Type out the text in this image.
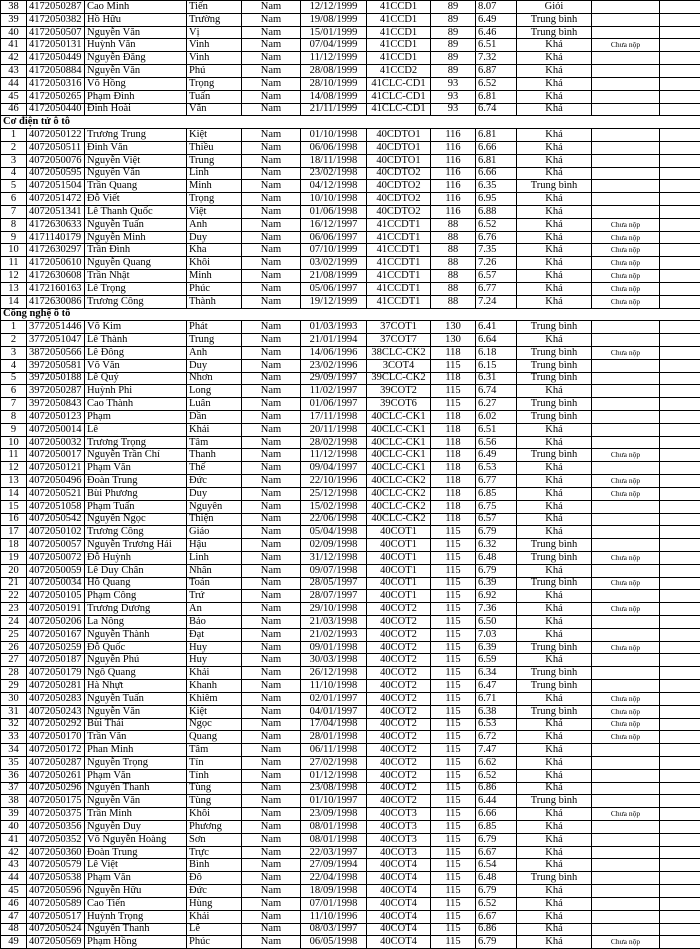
38	4172050287	Cao Minh	Tiến	Nam	12/12/1999	41CCD1	89	8.07	Giỏi		
39	4172050382	Hồ Hữu	Trường	Nam	19/08/1999	41CCD1	89	6.49	Trung bình		
40	4172050507	Nguyễn Văn	Vị	Nam	15/01/1999	41CCD1	89	6.46	Trung bình		
41	4172050131	Huỳnh Văn	Vinh	Nam	07/04/1999	41CCD1	89	6.51	Khá	Chưa nộp	
42	4172050449	Nguyễn Đăng	Vinh	Nam	11/12/1999	41CCD1	89	7.32	Khá		
43	4172050884	Nguyễn Văn	Phú	Nam	28/08/1999	41CCD2	89	6.87	Khá		
44	4172050316	Võ Hồng	Trọng	Nam	28/10/1999	41CLC-CD1	93	6.52	Khá		
45	4172050265	Phạm Đình	Tuấn	Nam	14/08/1999	41CLC-CD1	93	6.81	Khá		
46	4172050440	Đinh Hoài	Văn	Nam	21/11/1999	41CLC-CD1	93	6.74	Khá		
Cơ điện tử ô tô											
1	4072050122	Trương Trung	Kiệt	Nam	01/10/1998	40CDTO1	116	6.81	Khá		
2	4072050511	Đinh Văn	Thiều	Nam	06/06/1998	40CDTO1	116	6.66	Khá		
3	4072050076	Nguyễn Việt	Trung	Nam	18/11/1998	40CDTO1	116	6.81	Khá		
4	4072050595	Nguyễn Văn	Linh	Nam	23/02/1998	40CDTO2	116	6.66	Khá		
5	4072051504	Trần Quang	Minh	Nam	04/12/1998	40CDTO2	116	6.35	Trung bình		
6	4072051472	Đỗ Viết	Trọng	Nam	10/10/1998	40CDTO2	116	6.95	Khá		
7	4072051341	Lê Thanh Quốc	Việt	Nam	01/06/1998	40CDTO2	116	6.88	Khá		
8	4172630633	Nguyễn Tuấn	Anh	Nam	16/12/1997	41CCDT1	88	6.52	Khá	Chưa nộp	
9	4171140179	Nguyễn Minh	Duy	Nam	06/06/1997	41CCDT1	88	6.76	Khá	Chưa nộp	
10	4172630297	Trần Đình	Kha	Nam	07/10/1999	41CCDT1	88	7.35	Khá	Chưa nộp	
11	4172050610	Nguyễn Quang	Khôi	Nam	03/02/1999	41CCDT1	88	7.26	Khá	Chưa nộp	
12	4172630608	Trần Nhật	Minh	Nam	21/08/1999	41CCDT1	88	6.57	Khá	Chưa nộp	
13	4172160163	Lê Trọng	Phúc	Nam	05/06/1997	41CCDT1	88	6.77	Khá	Chưa nộp	
14	4172630086	Trương Công	Thành	Nam	19/12/1999	41CCDT1	88	7.24	Khá	Chưa nộp	
Công nghệ ô tô											
1	3772051446	Võ Kim	Phát	Nam	01/03/1993	37COT1	130	6.41	Trung bình		
2	3772051047	Lê Thành	Trung	Nam	21/01/1994	37COT7	130	6.64	Khá		
3	3872050566	Lê Đông	Anh	Nam	14/06/1996	38CLC-CK2	118	6.18	Trung bình	Chưa nộp	
4	3972050581	Võ Văn	Duy	Nam	23/02/1996	3COT4	115	6.15	Trung bình		
5	3972050188	Lê Quý	Nhơn	Nam	29/09/1997	39CLC-CK2	118	6.31	Trung bình		
6	3972050287	Huỳnh Phi	Long	Nam	11/02/1997	39COT2	115	6.74	Khá		
7	3972050843	Cao Thành	Luân	Nam	01/06/1997	39COT6	115	6.27	Trung bình		
8	4072050123	Phạm	Dần	Nam	17/11/1998	40CLC-CK1	118	6.02	Trung bình		
9	4072050014	Lê	Khải	Nam	20/11/1998	40CLC-CK1	118	6.51	Khá		
10	4072050032	Trương Trọng	Tâm	Nam	28/02/1998	40CLC-CK1	118	6.56	Khá		
11	4072050017	Nguyễn Trần Chí	Thanh	Nam	11/12/1998	40CLC-CK1	118	6.49	Trung bình	Chưa nộp	
12	4072050121	Phạm Văn	Thế	Nam	09/04/1997	40CLC-CK1	118	6.53	Khá		
13	4072050496	Đoàn Trung	Đức	Nam	22/10/1996	40CLC-CK2	118	6.77	Khá	Chưa nộp	
14	4072050521	Bùi Phương	Duy	Nam	25/12/1998	40CLC-CK2	118	6.85	Khá	Chưa nộp	
15	4072051058	Phạm Tuấn	Nguyên	Nam	15/02/1998	40CLC-CK2	118	6.75	Khá		
16	4072050542	Nguyễn Ngọc	Thiện	Nam	22/06/1998	40CLC-CK2	118	6.57	Khá		
17	4072050102	Trương Công	Giáo	Nam	05/04/1998	40COT1	115	6.79	Khá		
18	4072050057	Nguyễn Trương Hải	Hậu	Nam	02/09/1998	40COT1	115	6.32	Trung bình		
19	4072050072	Đỗ Huỳnh	Linh	Nam	31/12/1998	40COT1	115	6.48	Trung bình	Chưa nộp	
20	4072050059	Lê Duy Chân	Nhân	Nam	09/07/1998	40COT1	115	6.79	Khá		
21	4072050034	Hồ Quang	Toán	Nam	28/05/1997	40COT1	115	6.39	Trung bình	Chưa nộp	
22	4072050105	Phạm Công	Trứ	Nam	28/07/1997	40COT1	115	6.92	Khá		
23	4072050191	Trương Dương	An	Nam	29/10/1998	40COT2	115	7.36	Khá	Chưa nộp	
24	4072050206	La Nông	Bảo	Nam	21/03/1998	40COT2	115	6.50	Khá		
25	4072050167	Nguyễn Thành	Đạt	Nam	21/02/1993	40COT2	115	7.03	Khá		
26	4072050259	Đỗ Quốc	Huy	Nam	09/01/1998	40COT2	115	6.39	Trung bình	Chưa nộp	
27	4072050187	Nguyễn Phú	Huy	Nam	30/03/1998	40COT2	115	6.59	Khá		
28	4072050179	Ngô Quang	Khải	Nam	26/12/1998	40COT2	115	6.34	Trung bình		
29	4072050281	Hà Nhựt	Khanh	Nam	11/10/1998	40COT2	115	6.47	Trung bình		
30	4072050283	Nguyễn Tuấn	Khiêm	Nam	02/01/1997	40COT2	115	6.71	Khá	Chưa nộp	
31	4072050243	Nguyễn Văn	Kiệt	Nam	04/01/1997	40COT2	115	6.38	Trung bình	Chưa nộp	
32	4072050292	Bùi Thái	Ngọc	Nam	17/04/1998	40COT2	115	6.53	Khá	Chưa nộp	
33	4072050170	Trần Văn	Quang	Nam	28/01/1998	40COT2	115	6.72	Khá	Chưa nộp	
34	4072050172	Phan Minh	Tâm	Nam	06/11/1998	40COT2	115	7.47	Khá		
35	4072050287	Nguyễn Trọng	Tín	Nam	27/02/1998	40COT2	115	6.62	Khá		
36	4072050261	Phạm Văn	Tính	Nam	01/12/1998	40COT2	115	6.52	Khá		
37	4072050296	Nguyễn Thanh	Tùng	Nam	23/08/1998	40COT2	115	6.86	Khá		
38	4072050175	Nguyễn Văn	Tùng	Nam	01/10/1997	40COT2	115	6.44	Trung bình		
39	4072050375	Trần Minh	Khôi	Nam	23/09/1998	40COT3	115	6.66	Khá	Chưa nộp	
40	4072050356	Nguyễn Duy	Phương	Nam	08/01/1998	40COT3	115	6.85	Khá		
41	4072050352	Võ Nguyễn Hoàng	Sơn	Nam	08/01/1998	40COT3	115	6.79	Khá		
42	4072050360	Đoàn Trung	Trực	Nam	22/03/1997	40COT3	115	6.67	Khá		
43	4072050579	Lê Việt	Bình	Nam	27/09/1994	40COT4	115	6.54	Khá		
44	4072050538	Phạm Văn	Đô	Nam	22/04/1998	40COT4	115	6.48	Trung bình		
45	4072050596	Nguyễn Hữu	Đức	Nam	18/09/1998	40COT4	115	6.79	Khá		
46	4072050589	Cao Tiến	Hùng	Nam	07/01/1998	40COT4	115	6.52	Khá		
47	4072050517	Huỳnh Trọng	Khải	Nam	11/10/1996	40COT4	115	6.67	Khá		
48	4072050524	Nguyễn Thanh	Lễ	Nam	08/03/1997	40COT4	115	6.86	Khá		
49	4072050569	Phạm Hồng	Phúc	Nam	06/05/1998	40COT4	115	6.79	Khá	Chưa nộp	
